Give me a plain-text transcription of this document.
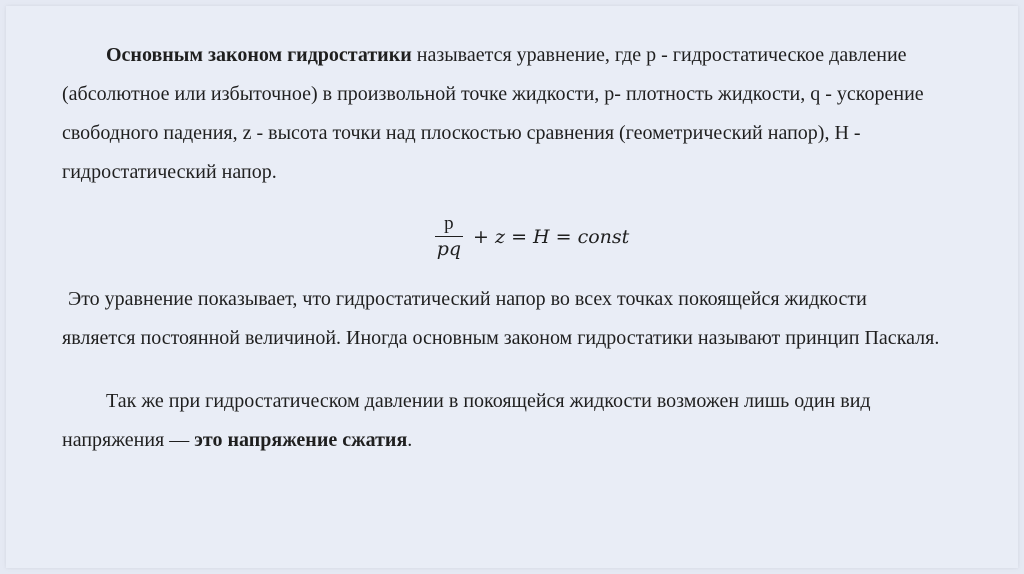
Основным законом гидростатики называется уравнение, где p - гидростатическое давление (абсолютное или избыточное) в произвольной точке жидкости, p- плотность жидкости, q - ускорение свободного падения, z - высота точки над плоскостью сравнения (геометрический напор), H - гидростатический напор.

$\frac{p}{pq} + z = H$ = const

Это уравнение показывает, что гидростатический напор во всех точках покоящейся жидкости является постоянной величиной. Иногда основным законом гидростатики называют принцип Паскаля.

Так же при гидростатическом давлении в покоящейся жидкости возможен лишь один вид напряжения — это напряжение сжатия.
